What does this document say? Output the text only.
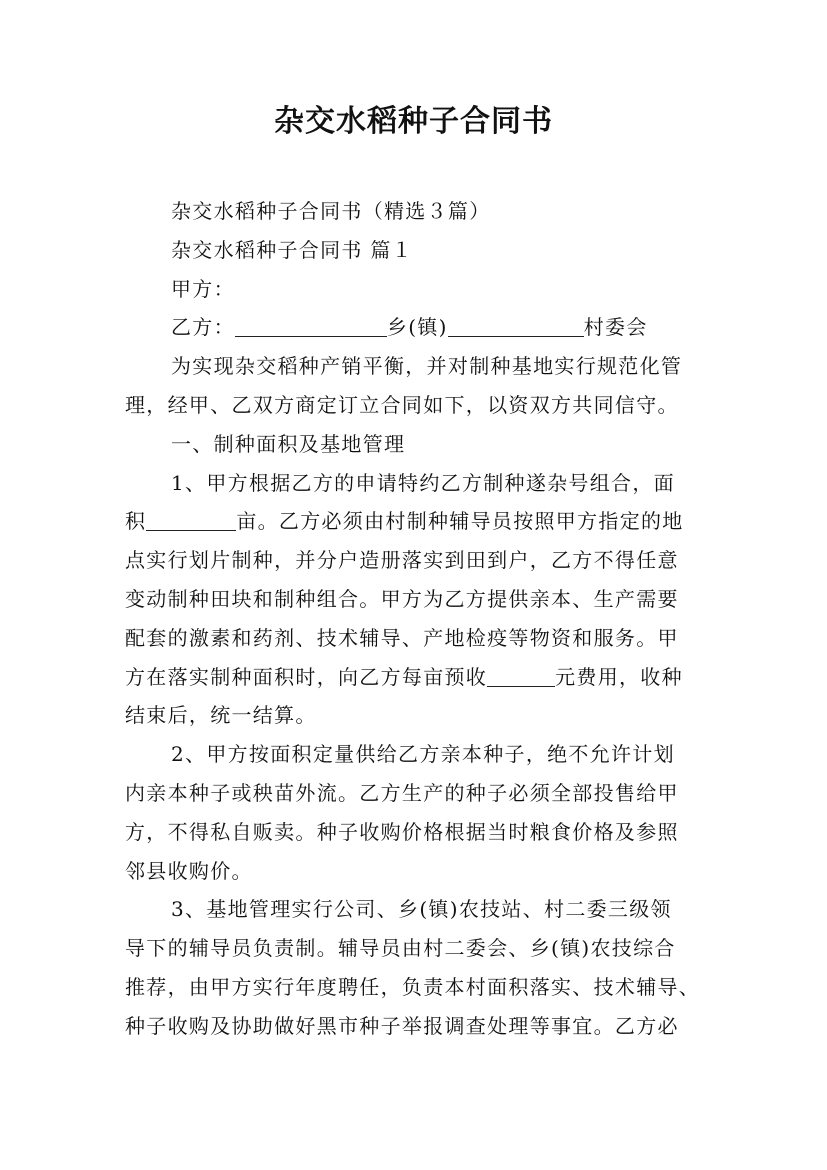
杂交水稻种子合同书
杂交水稻种子合同书（精选３篇）
杂交水稻种子合同书 篇１
甲方：
乙方：	乡(镇)	村委会
为实现杂交稻种产销平衡，并对制种基地实行规范化管
理，经甲、乙双方商定订立合同如下，以资双方共同信守。
一、制种面积及基地管理
1、甲方根据乙方的申请特约乙方制种遂杂号组合，面
积	亩。乙方必须由村制种辅导员按照甲方指定的地
点实行划片制种，并分户造册落实到田到户，乙方不得任意
变动制种田块和制种组合。甲方为乙方提供亲本、生产需要
配套的激素和药剂、技术辅导、产地检疫等物资和服务。甲
方在落实制种面积时，向乙方每亩预收	元费用，收种
结束后，统一结算。
2、甲方按面积定量供给乙方亲本种子，绝不允许计划
内亲本种子或秧苗外流。乙方生产的种子必须全部投售给甲
方，不得私自贩卖。种子收购价格根据当时粮食价格及参照
邻县收购价。
3、基地管理实行公司、乡(镇)农技站、村二委三级领
导下的辅导员负责制。辅导员由村二委会、乡(镇)农技综合
推荐，由甲方实行年度聘任，负责本村面积落实、技术辅导、
种子收购及协助做好黑市种子举报调查处理等事宜。乙方必
